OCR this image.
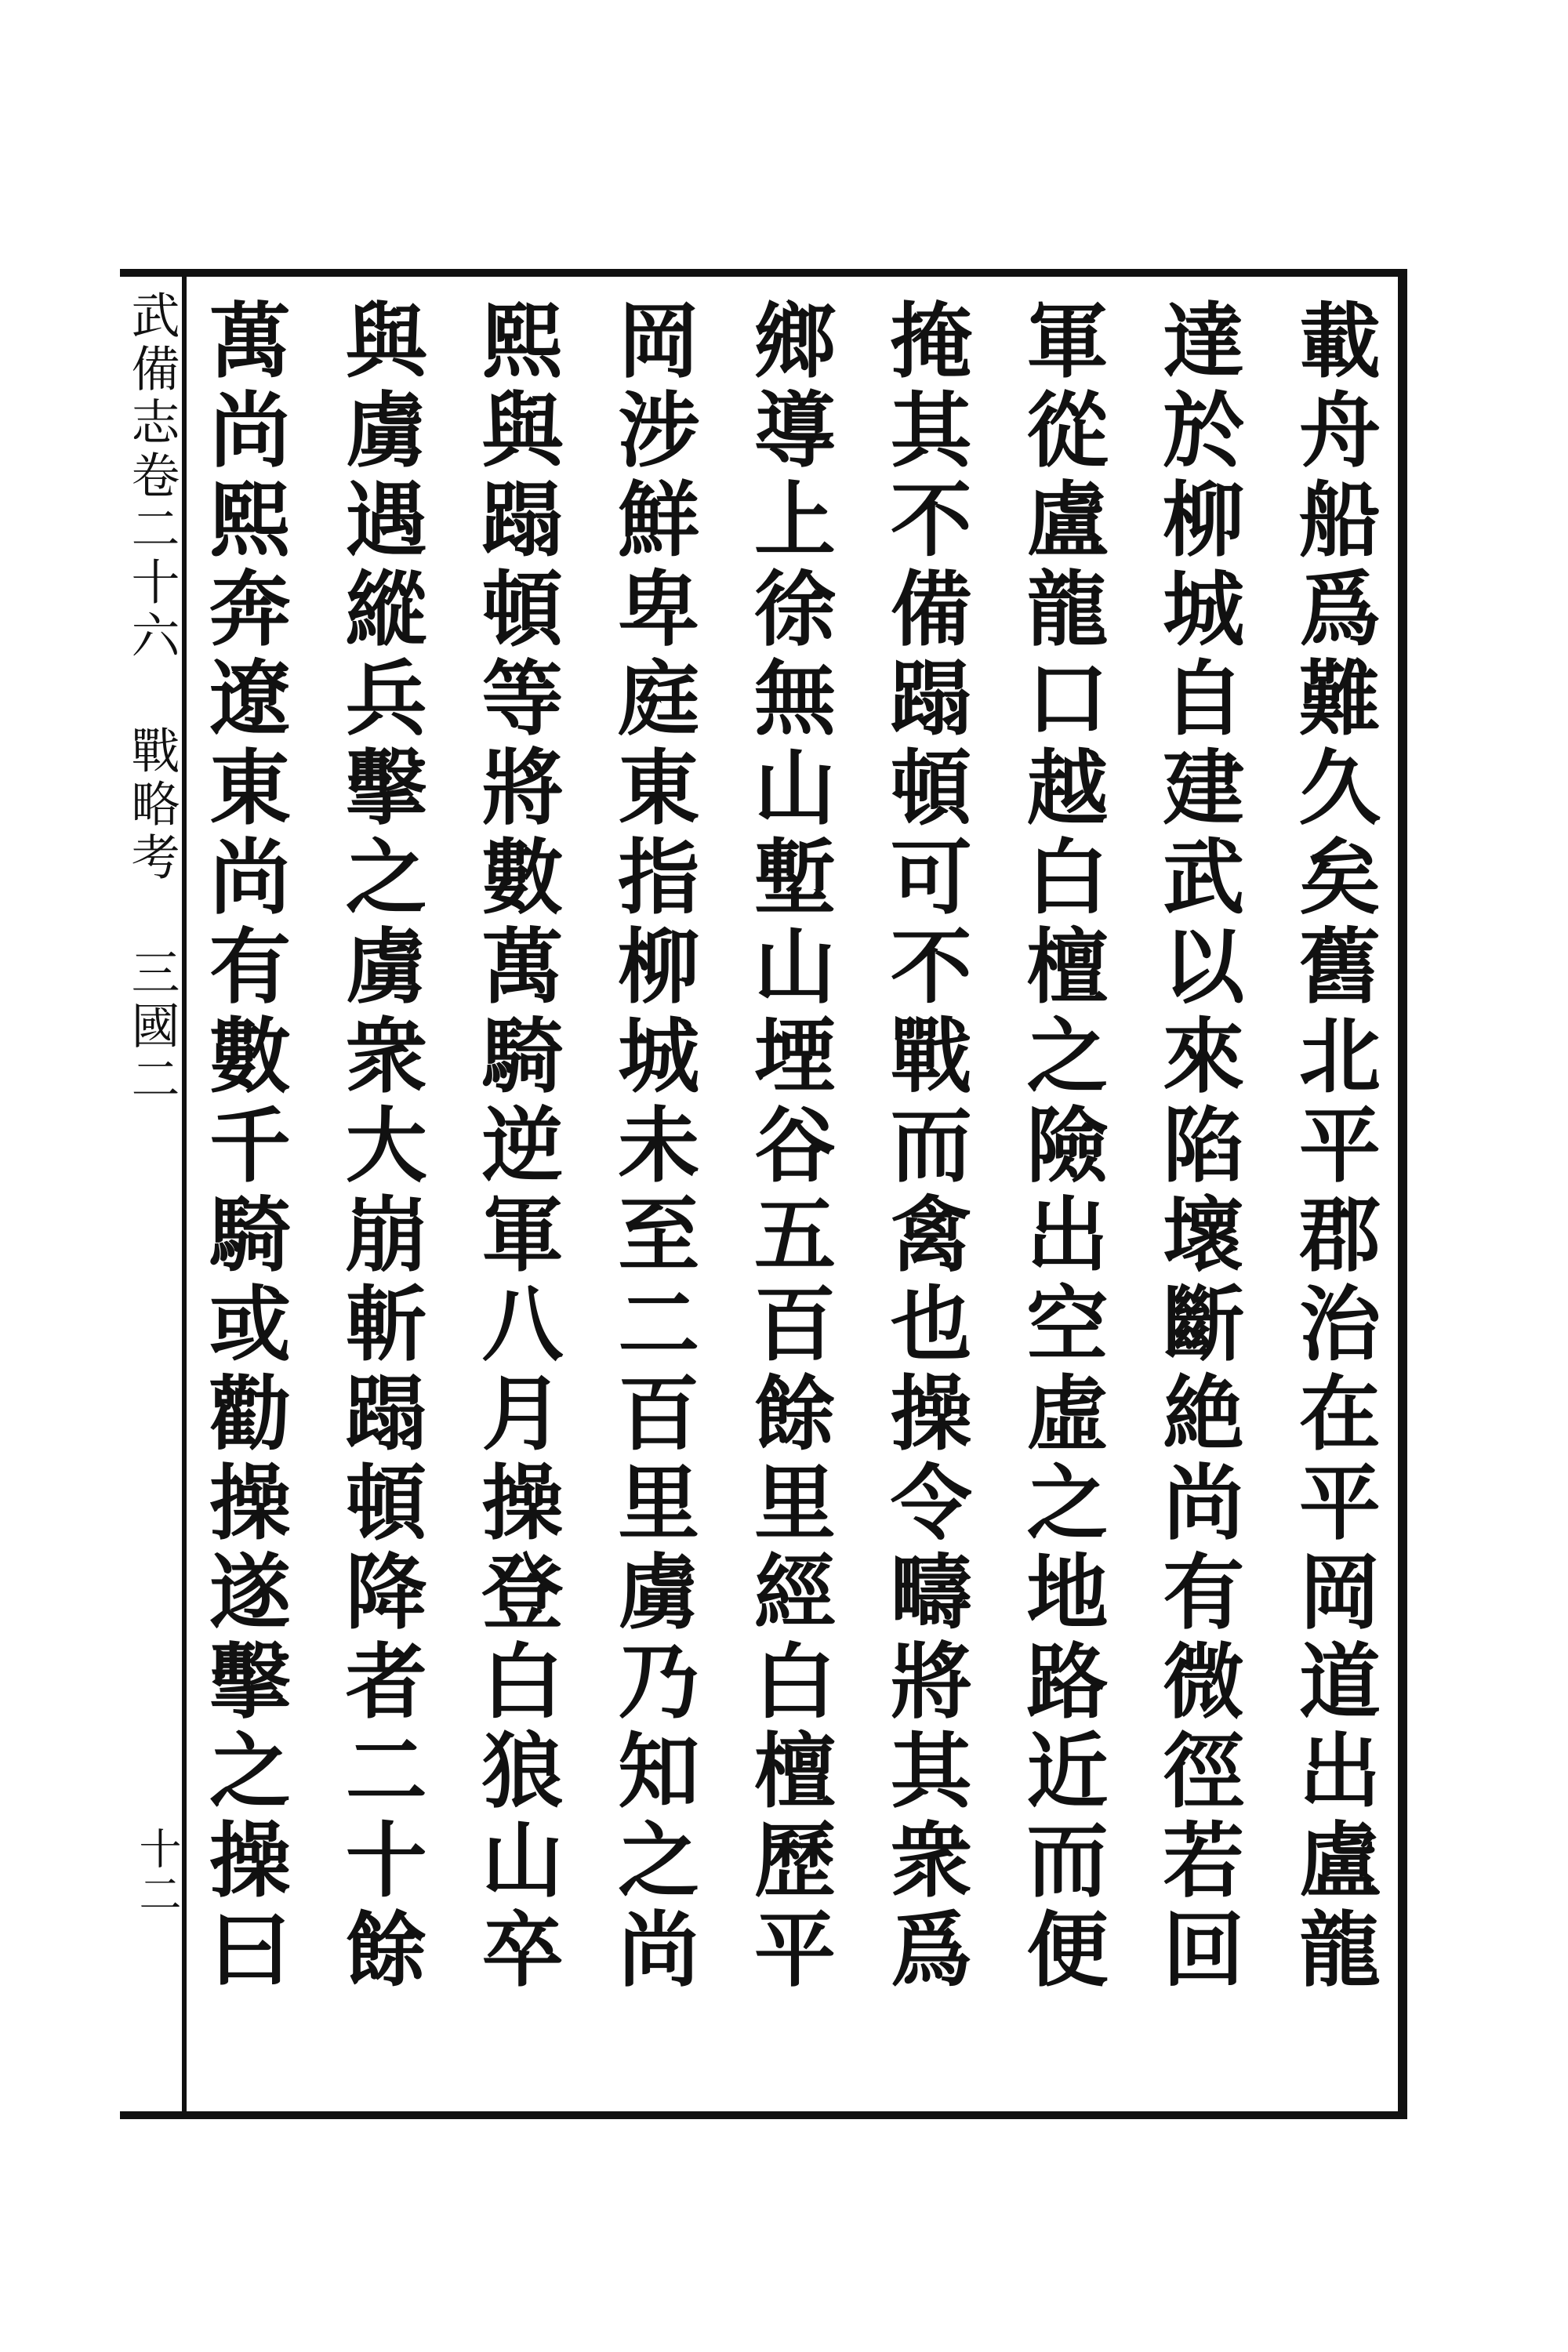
武備志卷二十六 戰略考 三國二
十二	載舟船爲難久矣舊北平郡治在平岡道出盧龍
達於柳城自建武以來陷壞斷絶尚有微徑若回
軍從盧龍口越白檀之險出空虛之地路近而便
掩其不備蹋頓可不戰而禽也操令疇將其衆爲
鄉導上徐無山塹山堙谷五百餘里經白檀歷平
岡涉鮮卑庭東指柳城未至二百里虜乃知之尚
熙與蹋頓等將數萬騎逆軍八月操登白狼山卒
與虜遇縱兵擊之虜衆大崩斬蹋頓降者二十餘
萬尚熙奔遼東尚有數千騎或勸操遂擊之操曰
